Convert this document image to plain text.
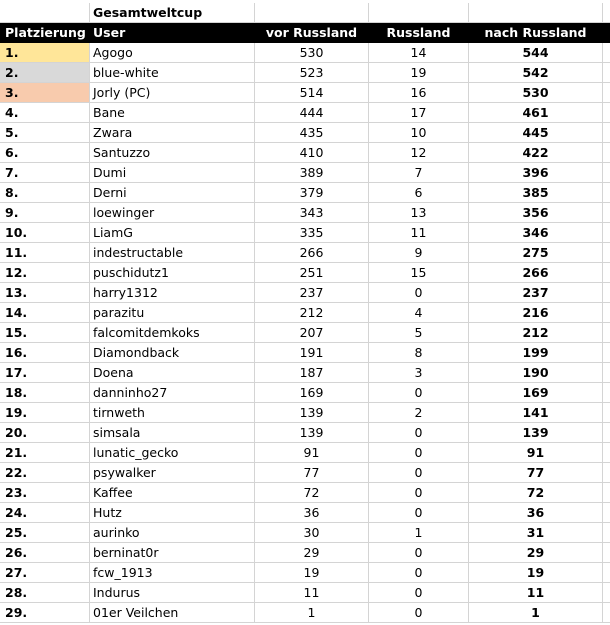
Gesamtweltcup
Platzierung User	vor Russland	Russland	nach Russland
1.	Agogo	530	14	544
2.	blue-white	523	19	542
3.	Jorly (PC)	514	16	530
4.	Bane	444	17	461
5.	Zwara	435	10	445
6.	Santuzzo	410	12	422
7.	Dumi	389	7	396
8.	Derni	379	6	385
9.	loewinger	343	13	356
10.	LiamG	335	11	346
11.	indestructable	266	9	275
12.	puschidutz1	251	15	266
13.	harry1312	237	0	237
14.	parazitu	212	4	216
15.	falcomitdemkoks	207	5	212
16.	Diamondback	191	8	199
17.	Doena	187	3	190
18.	danninho27	169	0	169
19.	tirnweth	139	2	141
20.	simsala	139	0	139
21.	lunatic_gecko	91	0	91
22.	psywalker	77	0	77
23.	Kaffee	72	0	72
24.	Hutz	36	0	36
25.	aurinko	30	1	31
26.	berninat0r	29	0	29
27.	fcw_1913	19	0	19
28.	Indurus	11	0	11
29.	01er Veilchen	1	0	1
